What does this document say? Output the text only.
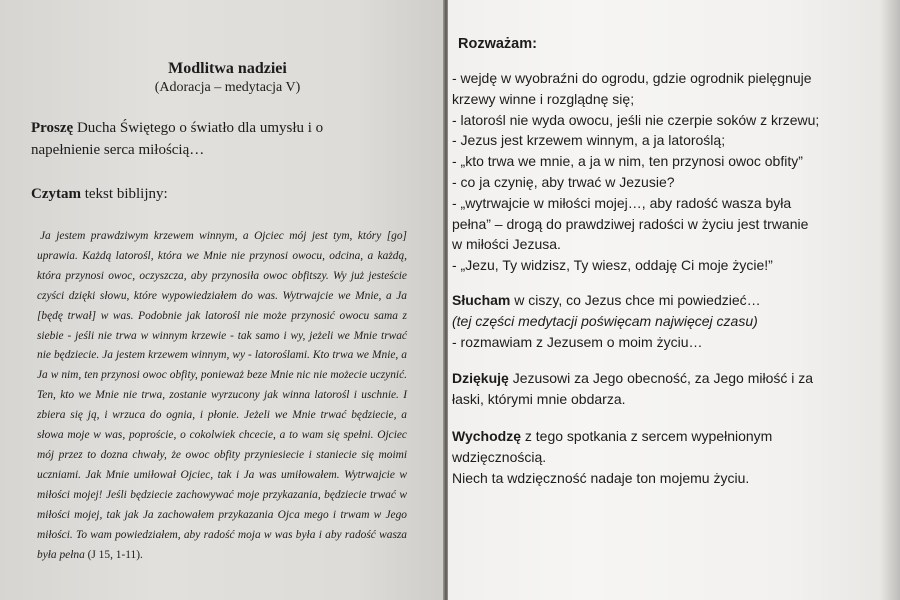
Modlitwa nadziei
(Adoracja – medytacja V)

Proszę Ducha Świętego o światło dla umysłu i o
napełnienie serca miłością…

Czytam tekst biblijny:

Ja jestem prawdziwym krzewem winnym, a Ojciec mój jest tym, który [go] uprawia. Każdą latorośl, która we Mnie nie przynosi owocu, odcina, a każdą, która przynosi owoc, oczyszcza, aby przynosiła owoc obfitszy. Wy już jesteście czyści dzięki słowu, które wypowiedziałem do was. Wytrwajcie we Mnie, a Ja [będę trwał] w was. Podobnie jak latorośl nie może przynosić owocu sama z siebie - jeśli nie trwa w winnym krzewie - tak samo i wy, jeżeli we Mnie trwać nie będziecie. Ja jestem krzewem winnym, wy - latoroślami. Kto trwa we Mnie, a Ja w nim, ten przynosi owoc obfity, ponieważ beze Mnie nic nie możecie uczynić. Ten, kto we Mnie nie trwa, zostanie wyrzucony jak winna latorośl i uschnie. I zbiera się ją, i wrzuca do ognia, i płonie. Jeżeli we Mnie trwać będziecie, a słowa moje w was, poproście, o cokolwiek chcecie, a to wam się spełni. Ojciec mój przez to dozna chwały, że owoc obfity przyniesiecie i staniecie się moimi uczniami. Jak Mnie umiłował Ojciec, tak i Ja was umiłowałem. Wytrwajcie w miłości mojej! Jeśli będziecie zachowywać moje przykazania, będziecie trwać w miłości mojej, tak jak Ja zachowałem przykazania Ojca mego i trwam w Jego miłości. To wam powiedziałem, aby radość moja w was była i aby radość wasza była pełna (J 15, 1-11).

Rozważam:

- wejdę w wyobraźni do ogrodu, gdzie ogrodnik pielęgnuje

krzewy winne i rozglądnę się;

- latorośl nie wyda owocu, jeśli nie czerpie soków z krzewu;

- Jezus jest krzewem winnym, a ja latoroślą;

- „kto trwa we mnie, a ja w nim, ten przynosi owoc obfity”

- co ja czynię, aby trwać w Jezusie?

- „wytrwajcie w miłości mojej…, aby radość wasza była

pełna” – drogą do prawdziwej radości w życiu jest trwanie

w miłości Jezusa.

- „Jezu, Ty widzisz, Ty wiesz, oddaję Ci moje życie!”

Słucham w ciszy, co Jezus chce mi powiedzieć…

(tej części medytacji poświęcam najwięcej czasu)

- rozmawiam z Jezusem o moim życiu…

Dziękuję Jezusowi za Jego obecność, za Jego miłość i za

łaski, którymi mnie obdarza.

Wychodzę z tego spotkania z sercem wypełnionym

wdzięcznością.

Niech ta wdzięczność nadaje ton mojemu życiu.
